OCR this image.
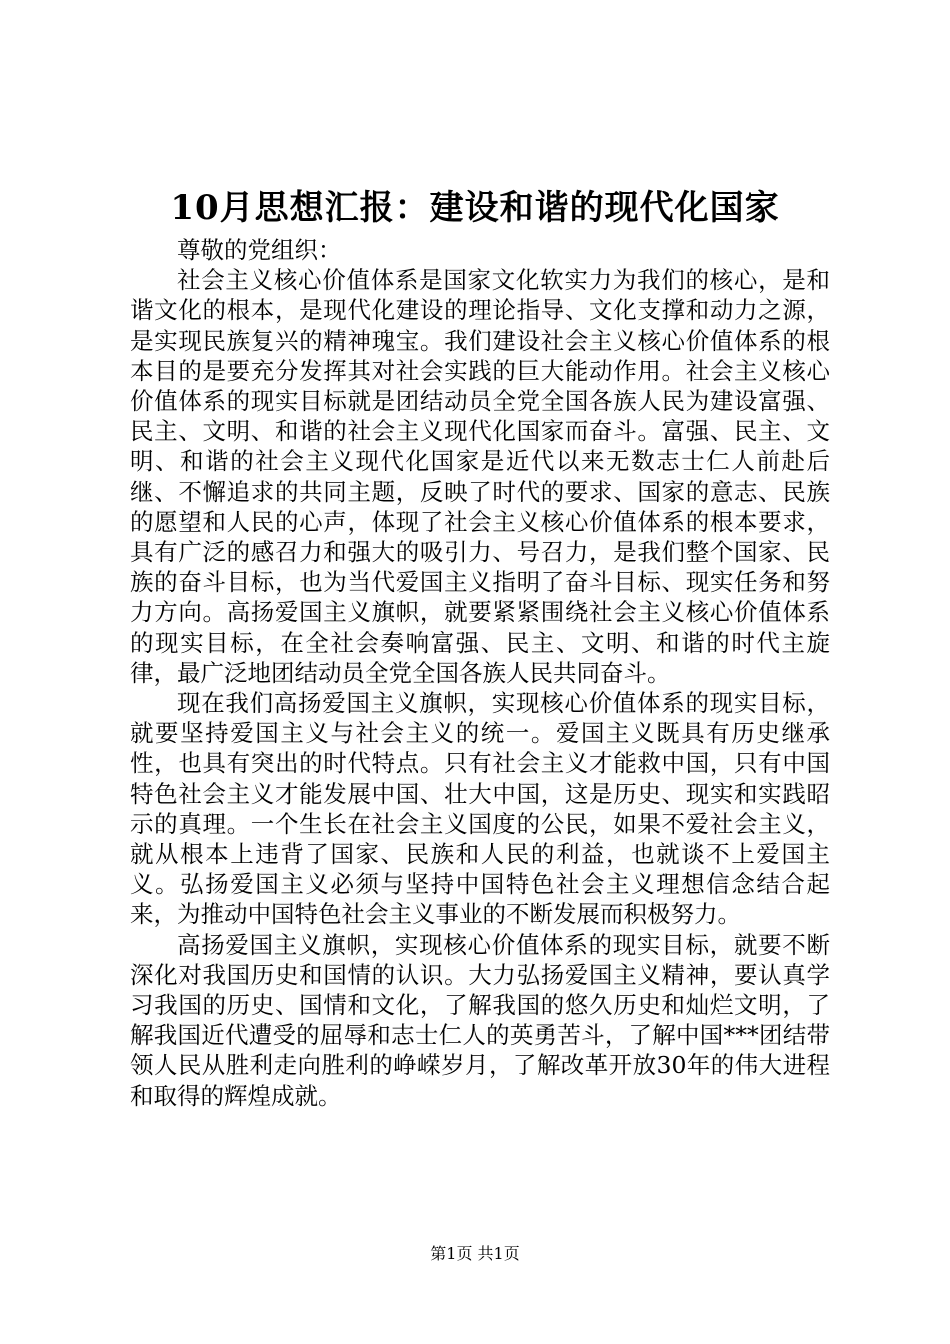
10月思想汇报：建设和谐的现代化国家

尊敬的党组织：

社会主义核心价值体系是国家文化软实力为我们的核心，是和谐文化的根本，是现代化建设的理论指导、文化支撑和动力之源，是实现民族复兴的精神瑰宝。我们建设社会主义核心价值体系的根本目的是要充分发挥其对社会实践的巨大能动作用。社会主义核心价值体系的现实目标就是团结动员全党全国各族人民为建设富强、民主、文明、和谐的社会主义现代化国家而奋斗。富强、民主、文明、和谐的社会主义现代化国家是近代以来无数志士仁人前赴后继、不懈追求的共同主题，反映了时代的要求、国家的意志、民族的愿望和人民的心声，体现了社会主义核心价值体系的根本要求，具有广泛的感召力和强大的吸引力、号召力，是我们整个国家、民族的奋斗目标，也为当代爱国主义指明了奋斗目标、现实任务和努力方向。高扬爱国主义旗帜，就要紧紧围绕社会主义核心价值体系的现实目标，在全社会奏响富强、民主、文明、和谐的时代主旋律，最广泛地团结动员全党全国各族人民共同奋斗。

现在我们高扬爱国主义旗帜，实现核心价值体系的现实目标，就要坚持爱国主义与社会主义的统一。爱国主义既具有历史继承性，也具有突出的时代特点。只有社会主义才能救中国，只有中国特色社会主义才能发展中国、壮大中国，这是历史、现实和实践昭示的真理。一个生长在社会主义国度的公民，如果不爱社会主义，就从根本上违背了国家、民族和人民的利益，也就谈不上爱国主义。弘扬爱国主义必须与坚持中国特色社会主义理想信念结合起来，为推动中国特色社会主义事业的不断发展而积极努力。

高扬爱国主义旗帜，实现核心价值体系的现实目标，就要不断深化对我国历史和国情的认识。大力弘扬爱国主义精神，要认真学习我国的历史、国情和文化，了解我国的悠久历史和灿烂文明，了解我国近代遭受的屈辱和志士仁人的英勇苦斗，了解中国***团结带领人民从胜利走向胜利的峥嵘岁月，了解改革开放30年的伟大进程和取得的辉煌成就。

第1页 共1页
